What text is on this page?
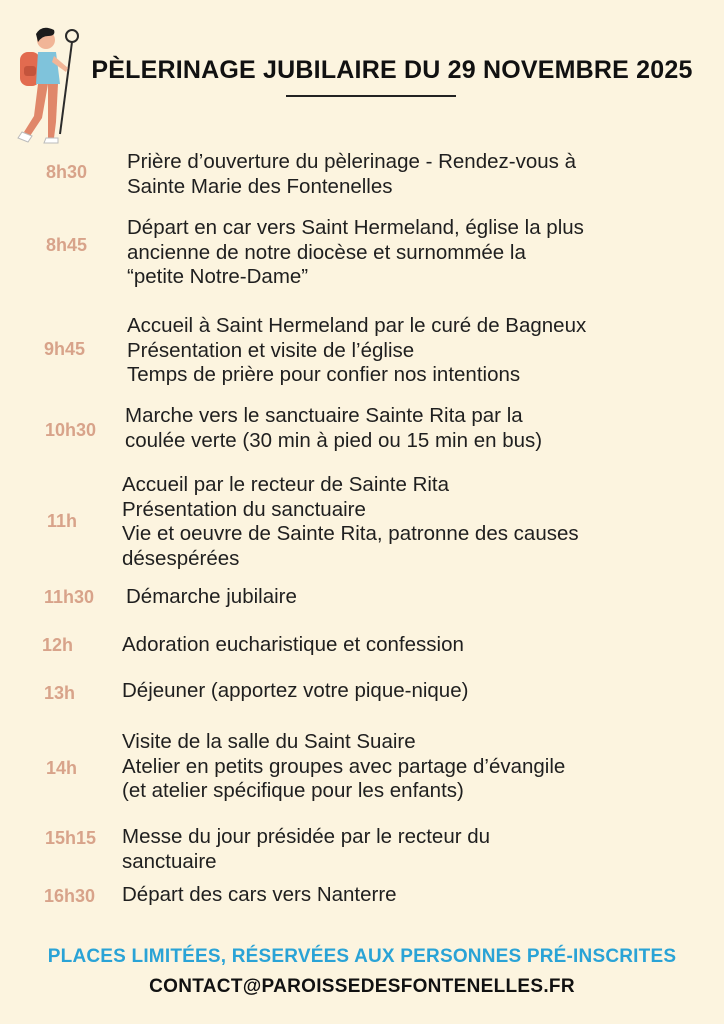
PÈLERINAGE JUBILAIRE DU 29 NOVEMBRE 2025
8h30 Prière d’ouverture du pèlerinage - Rendez-vous à
Sainte Marie des Fontenelles
8h45
Départ en car vers Saint Hermeland, église la plus
ancienne de notre diocèse et surnommée la
“petite Notre-Dame”
9h45
Accueil à Saint Hermeland par le curé de Bagneux
Présentation et visite de l’église
Temps de prière pour confier nos intentions
10h30
Marche vers le sanctuaire Sainte Rita par la
coulée verte (30 min à pied ou 15 min en bus)
11h
Accueil par le recteur de Sainte Rita
Présentation du sanctuaire
Vie et oeuvre de Sainte Rita, patronne des causes
désespérées
11h30 Démarche jubilaire
12h Adoration eucharistique et confession
13h Déjeuner (apportez votre pique-nique)
14h
Visite de la salle du Saint Suaire
Atelier en petits groupes avec partage d’évangile
(et atelier spécifique pour les enfants)
15h15 Messe du jour présidée par le recteur du
sanctuaire
16h30 Départ des cars vers Nanterre
PLACES LIMITÉES, RÉSERVÉES AUX PERSONNES PRÉ-INSCRITES
CONTACT@PAROISSEDESFONTENELLES.FR
